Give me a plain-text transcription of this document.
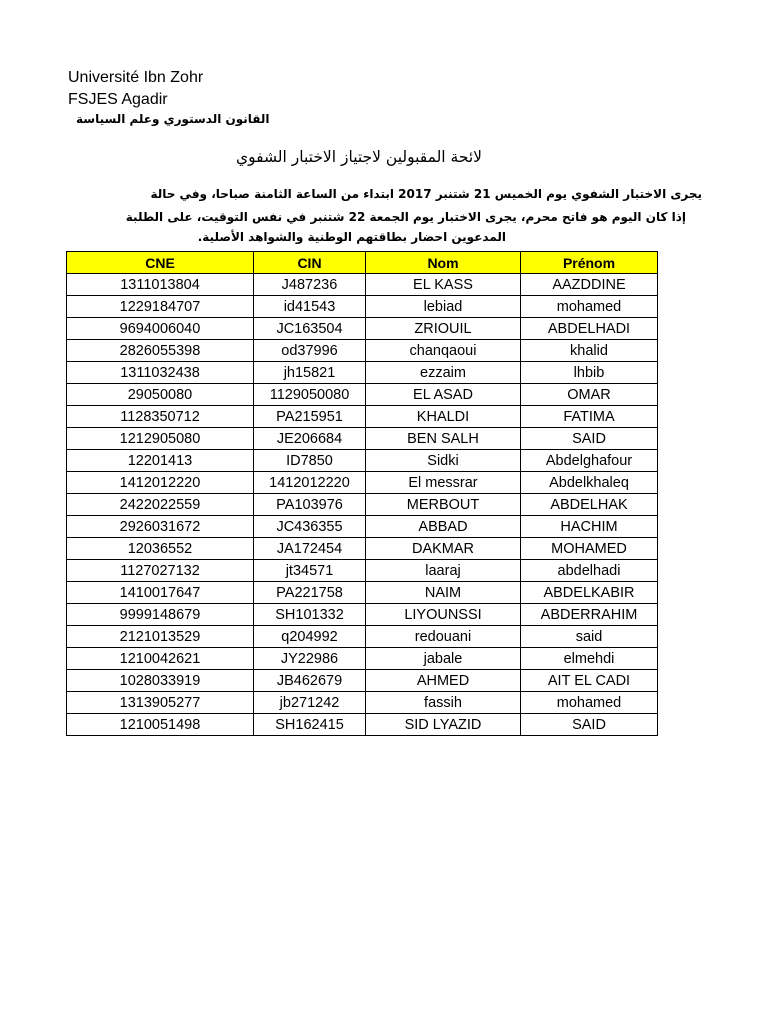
Université Ibn Zohr
FSJES Agadir
القانون الدستوري وعلم السياسة
لائحة المقبولين لاجتياز الاختبار الشفوي
يجرى الاختبار الشفوي يوم الخميس 21 شتنبر 2017 ابتداء من الساعة الثامنة صباحا، وفي حالة
إذا كان اليوم هو فاتح محرم، يجرى الاختبار يوم الجمعة 22 شتنبر في نفس التوقيت، على الطلبة
المدعوين احضار بطاقتهم الوطنية والشواهد الأصلية.
CNE	CIN	Nom	Prénom
1311013804	J487236	EL KASS	AAZDDINE
1229184707	id41543	lebiad	mohamed
9694006040	JC163504	ZRIOUIL	ABDELHADI
2826055398	od37996	chanqaoui	khalid
1311032438	jh15821	ezzaim	lhbib
29050080	1129050080	EL ASAD	OMAR
1128350712	PA215951	KHALDI	FATIMA
1212905080	JE206684	BEN SALH	SAID
12201413	ID7850	Sidki	Abdelghafour
1412012220	1412012220	El messrar	Abdelkhaleq
2422022559	PA103976	MERBOUT	ABDELHAK
2926031672	JC436355	ABBAD	HACHIM
12036552	JA172454	DAKMAR	MOHAMED
1127027132	jt34571	laaraj	abdelhadi
1410017647	PA221758	NAIM	ABDELKABIR
9999148679	SH101332	LIYOUNSSI	ABDERRAHIM
2121013529	q204992	redouani	said
1210042621	JY22986	jabale	elmehdi
1028033919	JB462679	AHMED	AIT EL CADI
1313905277	jb271242	fassih	mohamed
1210051498	SH162415	SID LYAZID	SAID
